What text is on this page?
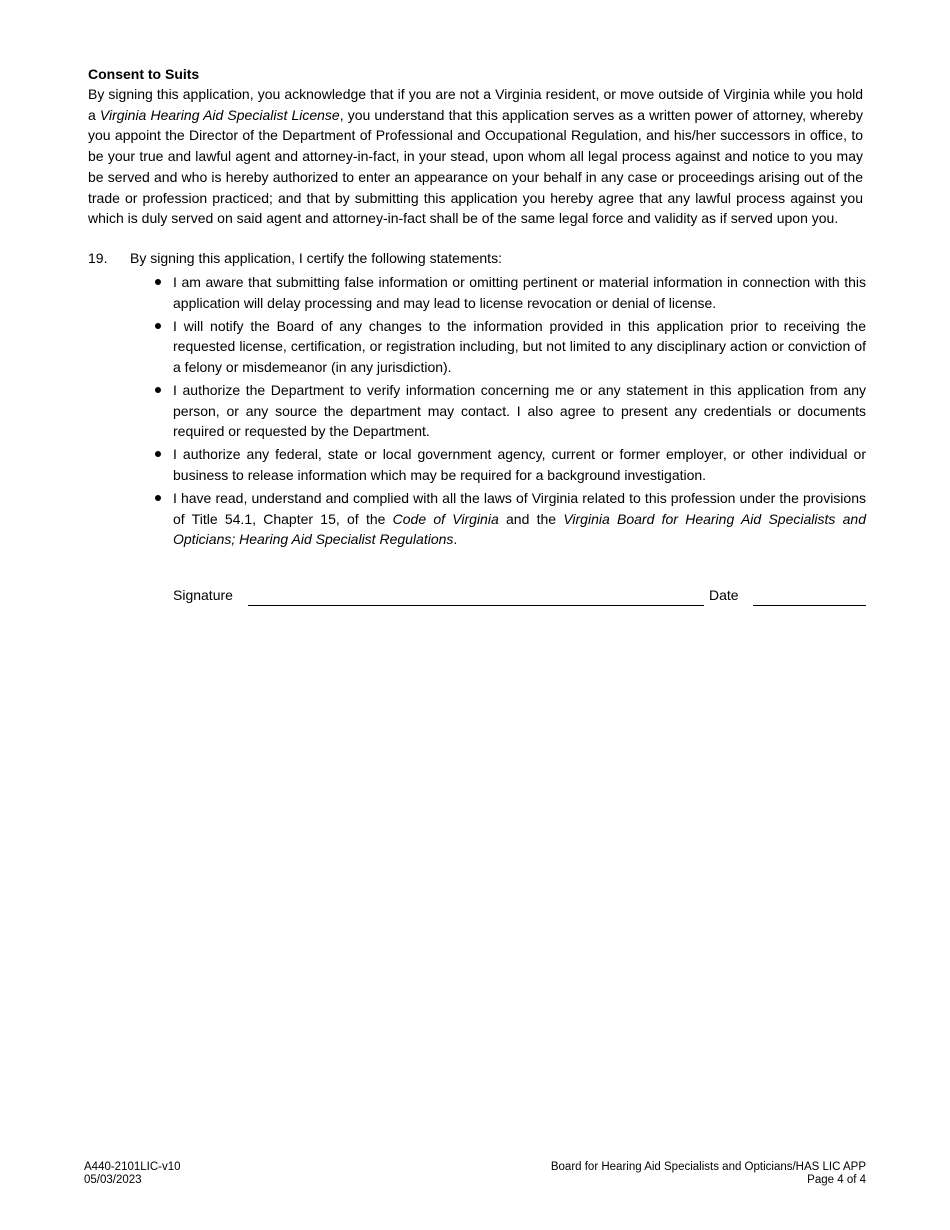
Consent to Suits

By signing this application, you acknowledge that if you are not a Virginia resident, or move outside of Virginia while you hold a Virginia Hearing Aid Specialist License, you understand that this application serves as a written power of attorney, whereby you appoint the Director of the Department of Professional and Occupational Regulation, and his/her successors in office, to be your true and lawful agent and attorney-in-fact, in your stead, upon whom all legal process against and notice to you may be served and who is hereby authorized to enter an appearance on your behalf in any case or proceedings arising out of the trade or profession practiced; and that by submitting this application you hereby agree that any lawful process against you which is duly served on said agent and attorney-in-fact shall be of the same legal force and validity as if served upon you.

19.	By signing this application, I certify the following statements:
I am aware that submitting false information or omitting pertinent or material information in connection with this application will delay processing and may lead to license revocation or denial of license.
I will notify the Board of any changes to the information provided in this application prior to receiving the requested license, certification, or registration including, but not limited to any disciplinary action or conviction of a felony or misdemeanor (in any jurisdiction).
I authorize the Department to verify information concerning me or any statement in this application from any person, or any source the department may contact. I also agree to present any credentials or documents required or requested by the Department.
I authorize any federal, state or local government agency, current or former employer, or other individual or business to release information which may be required for a background investigation.
I have read, understand and complied with all the laws of Virginia related to this profession under the provisions of Title 54.1, Chapter 15, of the Code of Virginia and the Virginia Board for Hearing Aid Specialists and Opticians; Hearing Aid Specialist Regulations.
Signature	Date
A440-2101LIC-v10
05/03/2023
Board for Hearing Aid Specialists and Opticians/HAS LIC APP
Page 4 of 4
